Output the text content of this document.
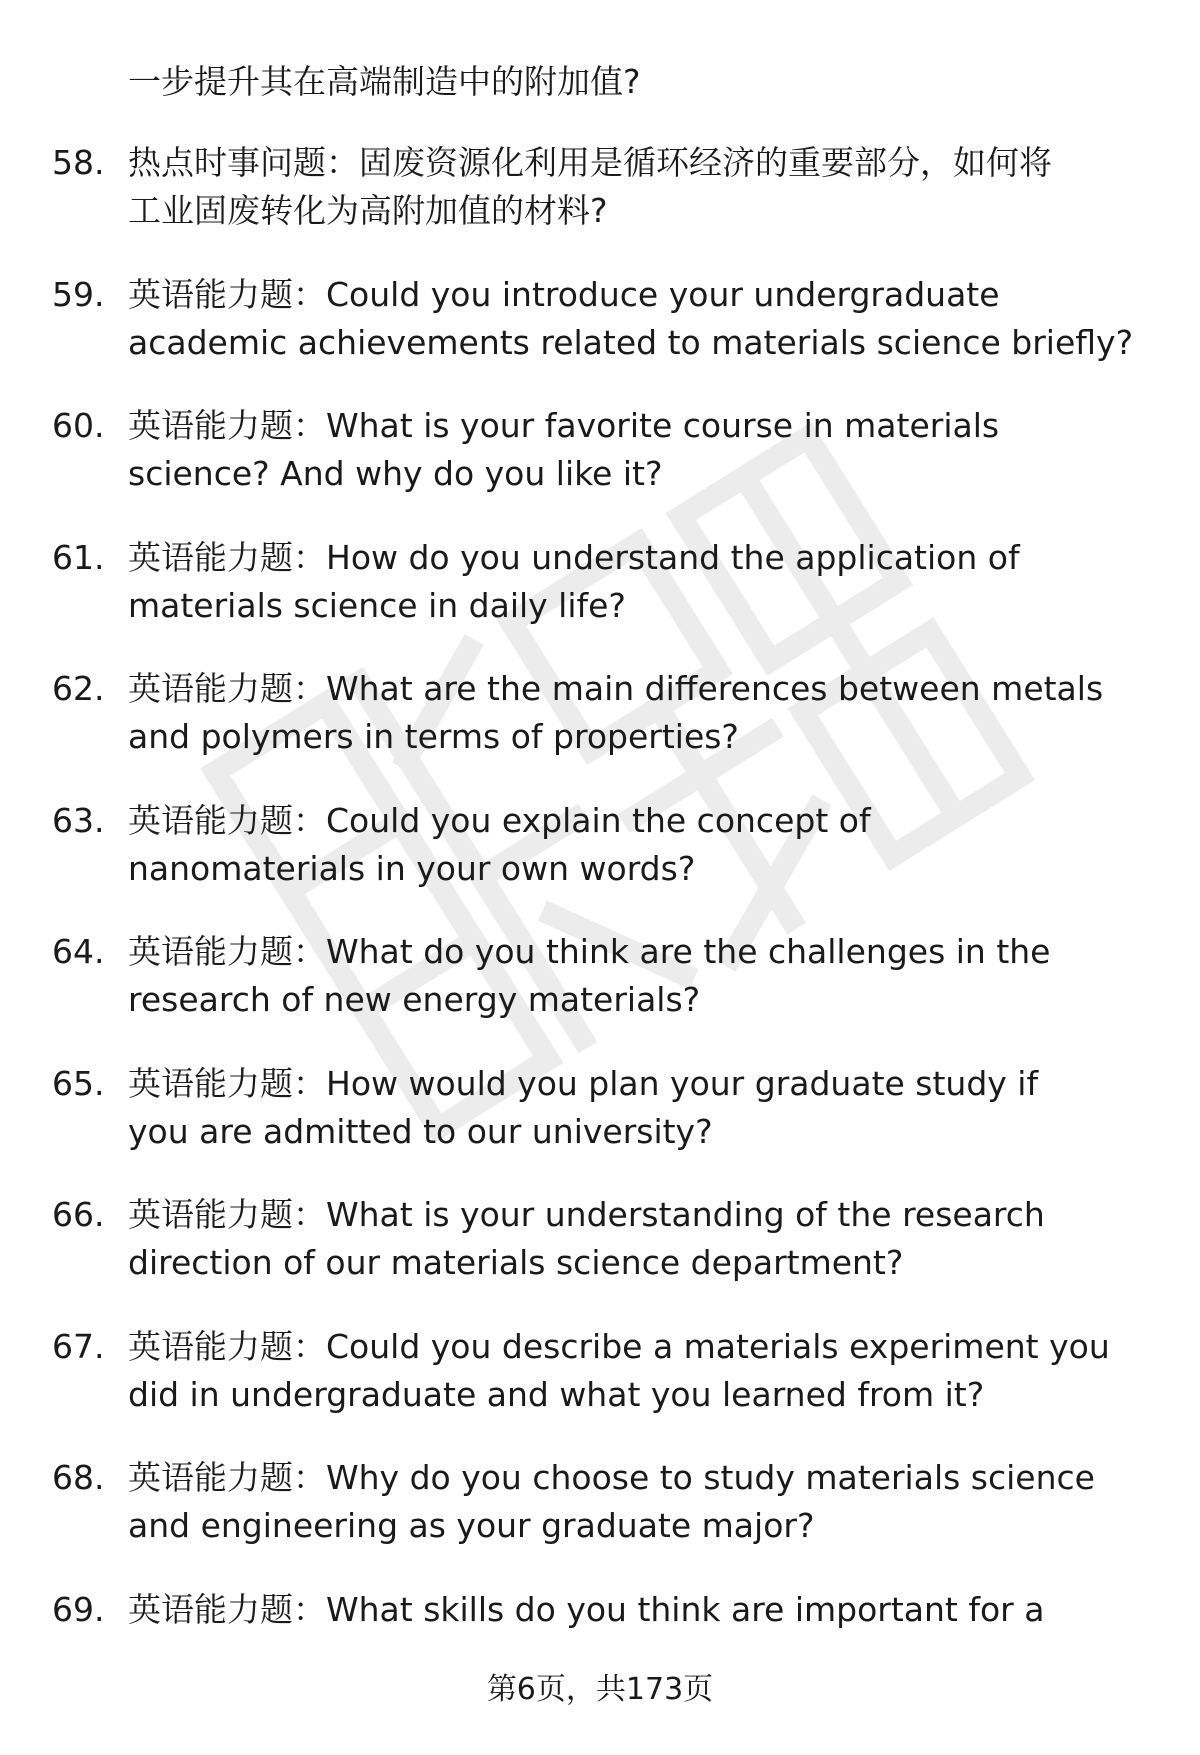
一步提升其在高端制造中的附加值?
58. 热点时事问题：固废资源化利用是循环经济的重要部分，如何将
工业固废转化为高附加值的材料?
59. 英语能力题：Could you introduce your undergraduate
academic achievements related to materials science briefly?
60. 英语能力题：What is your favorite course in materials
science? And why do you like it?
61. 英语能力题：How do you understand the application of
materials science in daily life?
62. 英语能力题：What are the main differences between metals
and polymers in terms of properties?
63. 英语能力题：Could you explain the concept of
nanomaterials in your own words?
64. 英语能力题：What do you think are the challenges in the
research of new energy materials?
65. 英语能力题：How would you plan your graduate study if
you are admitted to our university?
66. 英语能力题：What is your understanding of the research
direction of our materials science department?
67. 英语能力题：Could you describe a materials experiment you
did in undergraduate and what you learned from it?
68. 英语能力题：Why do you choose to study materials science
and engineering as your graduate major?
69. 英语能力题：What skills do you think are important for a
第6页，共173页
